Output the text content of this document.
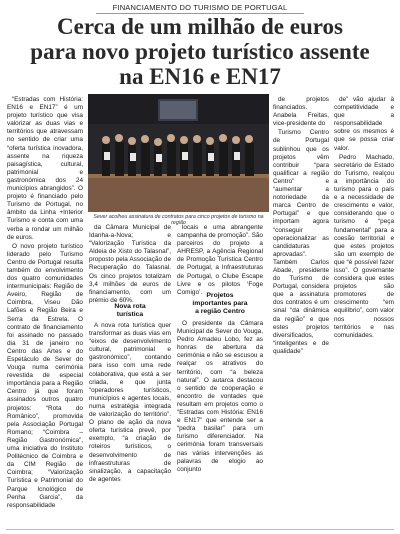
FINANCIAMENTO DO TURISMO DE PORTUGAL
Cerca de um milhão de euros
para novo projeto turístico assente
na EN16 e EN17

“Estradas com História: EN16 e EN17” é um projeto turístico que visa valorizar as duas vias e territórios que atravessam no sentido de criar uma “oferta turística inovadora, assente na riqueza paisagística, cultural, patrimonial e gastronómica dos 24 municípios abrangidos”. O projeto é financiado pelo Turismo de Portugal, no âmbito da Linha +Interior Turismo e conta com uma verba a rondar um milhão de euros.

O novo projeto turístico liderado pelo Turismo Centro de Portugal resulta também do envolvimento dos quatro comunidades intermunicipais: Região de Aveiro, Região de Coimbra, Viseu Dão Lafões e Região Beira e Serra da Estrela. O contrato de financiamento foi assinado no passado dia 31 de janeiro no Centro das Artes e do Espetáculo de Sever do Vouga numa cerimónia revestida de especial importância para a Região Centro já que foram assinados outros quatro projetos: “Rota do Românico”, promovida pela Associação Portugal Romano; “Coimbra – Região Gastronómica”, uma iniciativa do Instituto Politécnico de Coimbra e da CIM Região de Coimbra; “Valorização Turística e Patrimonial do Parque Icnológico de Penha Garcia”, da responsabilidade

Sever acolheu assinatura de contratos para cinco projetos de turismo na região

da Câmara Municipal de Idanha-a-Nova; e “Valorização Turística da Aldeia de Xisto do Talasnal”, proposto pela Associação de Recuperação do Talasnal. Os cinco projetos totalizam 3,4 milhões de euros de financiamento, com um prémio de 60%.

Nova rota
turística

A nova rota turística quer transformar as duas vias em “eixos de desenvolvimento cultural, patrimonial e gastronómico”, contando para isso com uma rede colaborativa, que está a ser criada, e que junta “operadores turísticos, municípios e agentes locais, numa estratégia integrada de valorização do território”. O plano de ação da nova oferta turística prevê, por exemplo, “a criação de roteiros turísticos, o desenvolvimento de infraestruturas de sinalização, a capacitação de agentes

locais e uma abrangente campanha de promoção”. São parceiros do projeto a AHRESP, a Agência Regional de Promoção Turística Centro de Portugal, a Infraestruturas de Portugal, o Clube Escape Livre e os pilotos ‘Foge Comigo’. Projetos
importantes para
a região Centro

O presidente da Câmara Municipal de Sever do Vouga, Pedro Amadeu Lobo, fez as honras de abertura da cerimónia e não se escusou a realçar os atrativos do território, com “a beleza natural”. O autarca destacou o sentido de cooperação e encontro de vontades que resultam em projetos como o “Estradas com História: EN16 e EN17” que entende ser a “pedra basilar” para um turismo diferenciador. Na cerimónia foram transversais nas várias intervenções as palavras de elogio ao conjunto

de projetos financiados. Anabela Freitas, vice-presidente do

Turismo Centro de Portugal sublinhou que os projetos vêm contribuir “para qualificar a região Centro” e “aumentar a notoriedade da marca Centro de Portugal” e que importam agora “conseguir operacionalizar as candidaturas aprovadas”. Também Carlos Abade, presidente do Turismo de Portugal, considera que a assinatura dos contratos é um sinal “da dinâmica da região” e que estes projetos diversificados, “inteligentes e de qualidade”

de” vão ajudar à competitividade e que a responsabilidade sobre os mesmos é que se possa criar valor.

Pedro Machado, secretário de Estado do Turismo, realçou a importância do turismo para o país e a necessidade de crescimento e valor, considerando que o turismo é “peça fundamental” para a coesão territorial e que estes projetos são um exemplo de que “é possível fazer isso”. O governante considera que estes projetos são promotores de crescimento “em equilíbrio”, com valor nos nossos territórios e nas comunidades.
